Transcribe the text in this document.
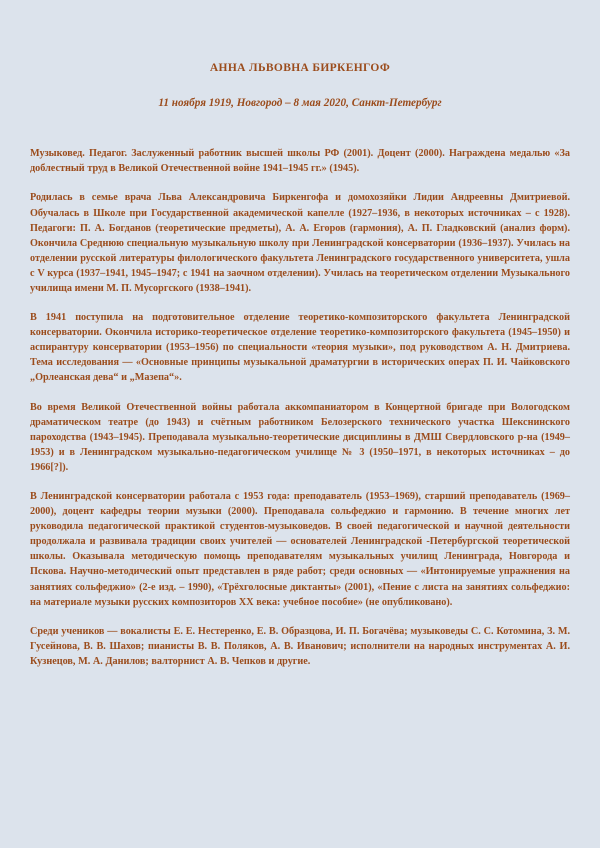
АННА ЛЬВОВНА БИРКЕНГОФ
11 ноября 1919, Новгород – 8 мая 2020, Санкт-Петербург

Музыковед. Педагог. Заслуженный работник высшей школы РФ (2001). Доцент (2000). Награждена медалью «За доблестный труд в Великой Отечественной войне 1941–1945 гг.» (1945).

Родилась в семье врача Льва Александровича Биркенгофа и домохозяйки Лидии Андреевны Дмитриевой. Обучалась в Школе при Государственной академической капелле (1927–1936, в некоторых источниках – с 1928). Педагоги: П. А. Богданов (теоретические предметы), А. А. Егоров (гармония), А. П. Гладковский (анализ форм). Окончила Среднюю специальную музыкальную школу при Ленинградской консерватории (1936–1937). Училась на отделении русской литературы филологического факультета Ленинградского государственного университета, ушла с V курса (1937–1941, 1945–1947; с 1941 на заочном отделении). Училась на теоретическом отделении Музыкального училища имени М. П. Мусоргского (1938–1941).

В 1941 поступила на подготовительное отделение теоретико-композиторского факультета Ленинградской консерватории. Окончила историко-теоретическое отделение теоретико-композиторского факультета (1945–1950) и аспирантуру консерватории (1953–1956) по специальности «теория музыки», под руководством А. Н. Дмитриева. Тема исследования — «Основные принципы музыкальной драматургии в исторических операх П. И. Чайковского „Орлеанская дева“ и „Мазепа“».

Во время Великой Отечественной войны работала аккомпаниатором в Концертной бригаде при Вологодском драматическом театре (до 1943) и счётным работником Белозерского технического участка Шекснинского пароходства (1943–1945). Преподавала музыкально-теоретические дисциплины в ДМШ Свердловского р-на (1949–1953) и в Ленинградском музыкально-педагогическом училище № 3 (1950–1971, в некоторых источниках – до 1966[?]).

В Ленинградской консерватории работала с 1953 года: преподаватель (1953–1969), старший преподаватель (1969–2000), доцент кафедры теории музыки (2000). Преподавала сольфеджио и гармонию. В течение многих лет руководила педагогической практикой студентов-музыковедов. В своей педагогической и научной деятельности продолжала и развивала традиции своих учителей — основателей Ленинградской -Петербургской теоретической школы. Оказывала методическую помощь преподавателям музыкальных училищ Ленинграда, Новгорода и Пскова. Научно-методический опыт представлен в ряде работ; среди основных — «Интонируемые упражнения на занятиях сольфеджио» (2-е изд. – 1990), «Трёхголосные диктанты» (2001), «Пение с листа на занятиях сольфеджио: на материале музыки русских композиторов XX века: учебное пособие» (не опубликовано).

Среди учеников — вокалисты Е. Е. Нестеренко, Е. В. Образцова, И. П. Богачёва; музыковеды С. С. Котомина, З. М. Гусейнова, В. В. Шахов; пианисты В. В. Поляков, А. В. Иванович; исполнители на народных инструментах А. И. Кузнецов, М. А. Данилов; валторнист А. В. Чепков и другие.
